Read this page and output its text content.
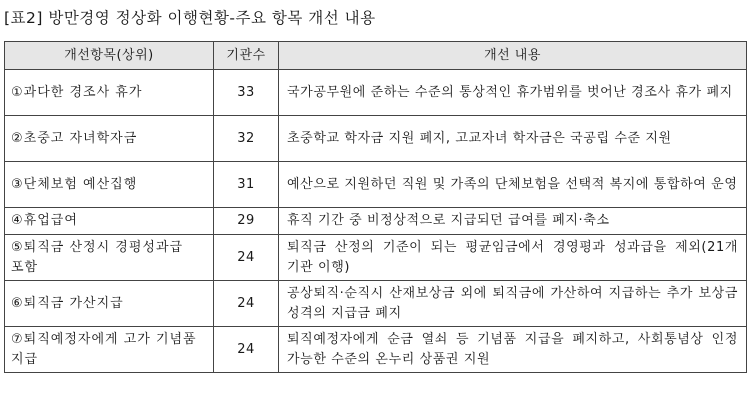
[표2] 방만경영 정상화 이행현황-주요 항목 개선 내용
개선항목(상위)	기관수	개선 내용
①과다한 경조사 휴가	33	국가공무원에 준하는 수준의 통상적인 휴가범위를 벗어난 경조사 휴가 폐지
②초중고 자녀학자금	32	초중학교 학자금 지원 폐지, 고교자녀 학자금은 국공립 수준 지원
③단체보험 예산집행	31	예산으로 지원하던 직원 및 가족의 단체보험을 선택적 복지에 통합하여 운영
④휴업급여	29	휴직 기간 중 비정상적으로 지급되던 급여를 폐지·축소
⑤퇴직금 산정시 경평성과급 포함	24	퇴직금 산정의 기준이 되는 평균임금에서 경영평과 성과급을 제외(21개 기관 이행)
⑥퇴직금 가산지급	24	공상퇴직·순직시 산재보상금 외에 퇴직금에 가산하여 지급하는 추가 보상금 성격의 지급금 폐지
⑦퇴직예정자에게 고가 기념품 지급	24	퇴직예정자에게 순금 열쇠 등 기념품 지급을 폐지하고, 사회통념상 인정 가능한 수준의 온누리 상품권 지원
